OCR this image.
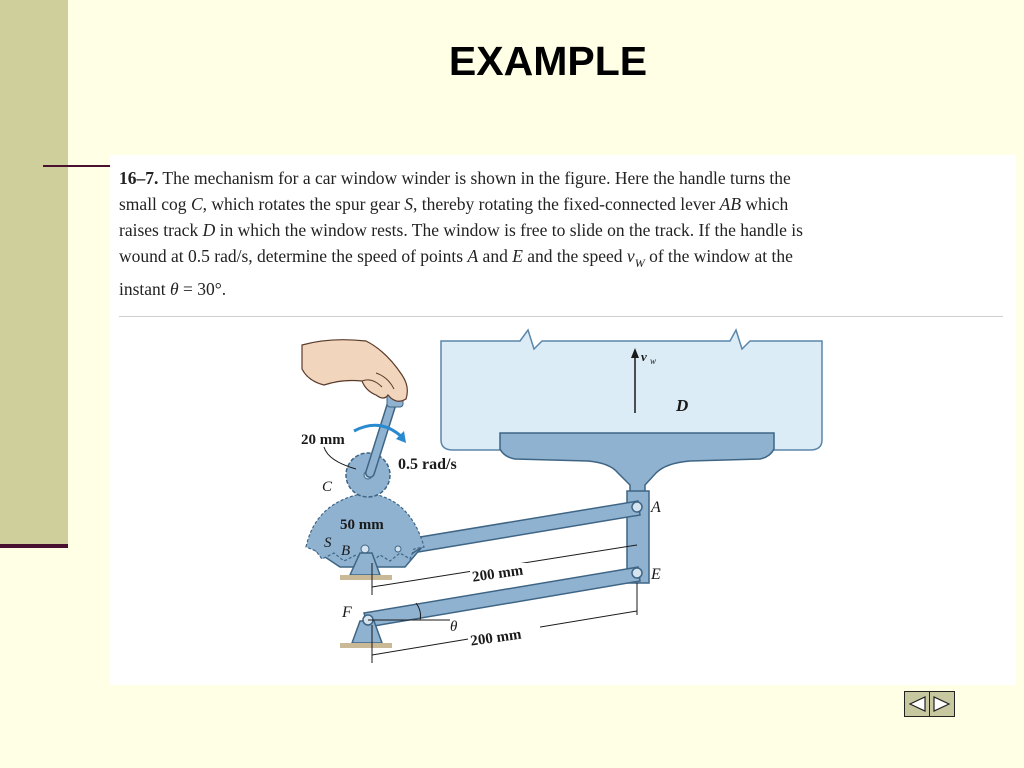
EXAMPLE
16–7. The mechanism for a car window winder is shown in the figure. Here the handle turns the
small cog C, which rotates the spur gear S, thereby rotating the fixed-connected lever AB which
raises track D in which the window rests. The window is free to slide on the track. If the handle is
wound at 0.5 rad/s, determine the speed of points A and E and the speed $v_W$ of the window at the
instant θ = 30°.
v w
D
A
E
50 mm
S B
F
C
20 mm
0.5 rad/s
200 mm
200 mm
θ
